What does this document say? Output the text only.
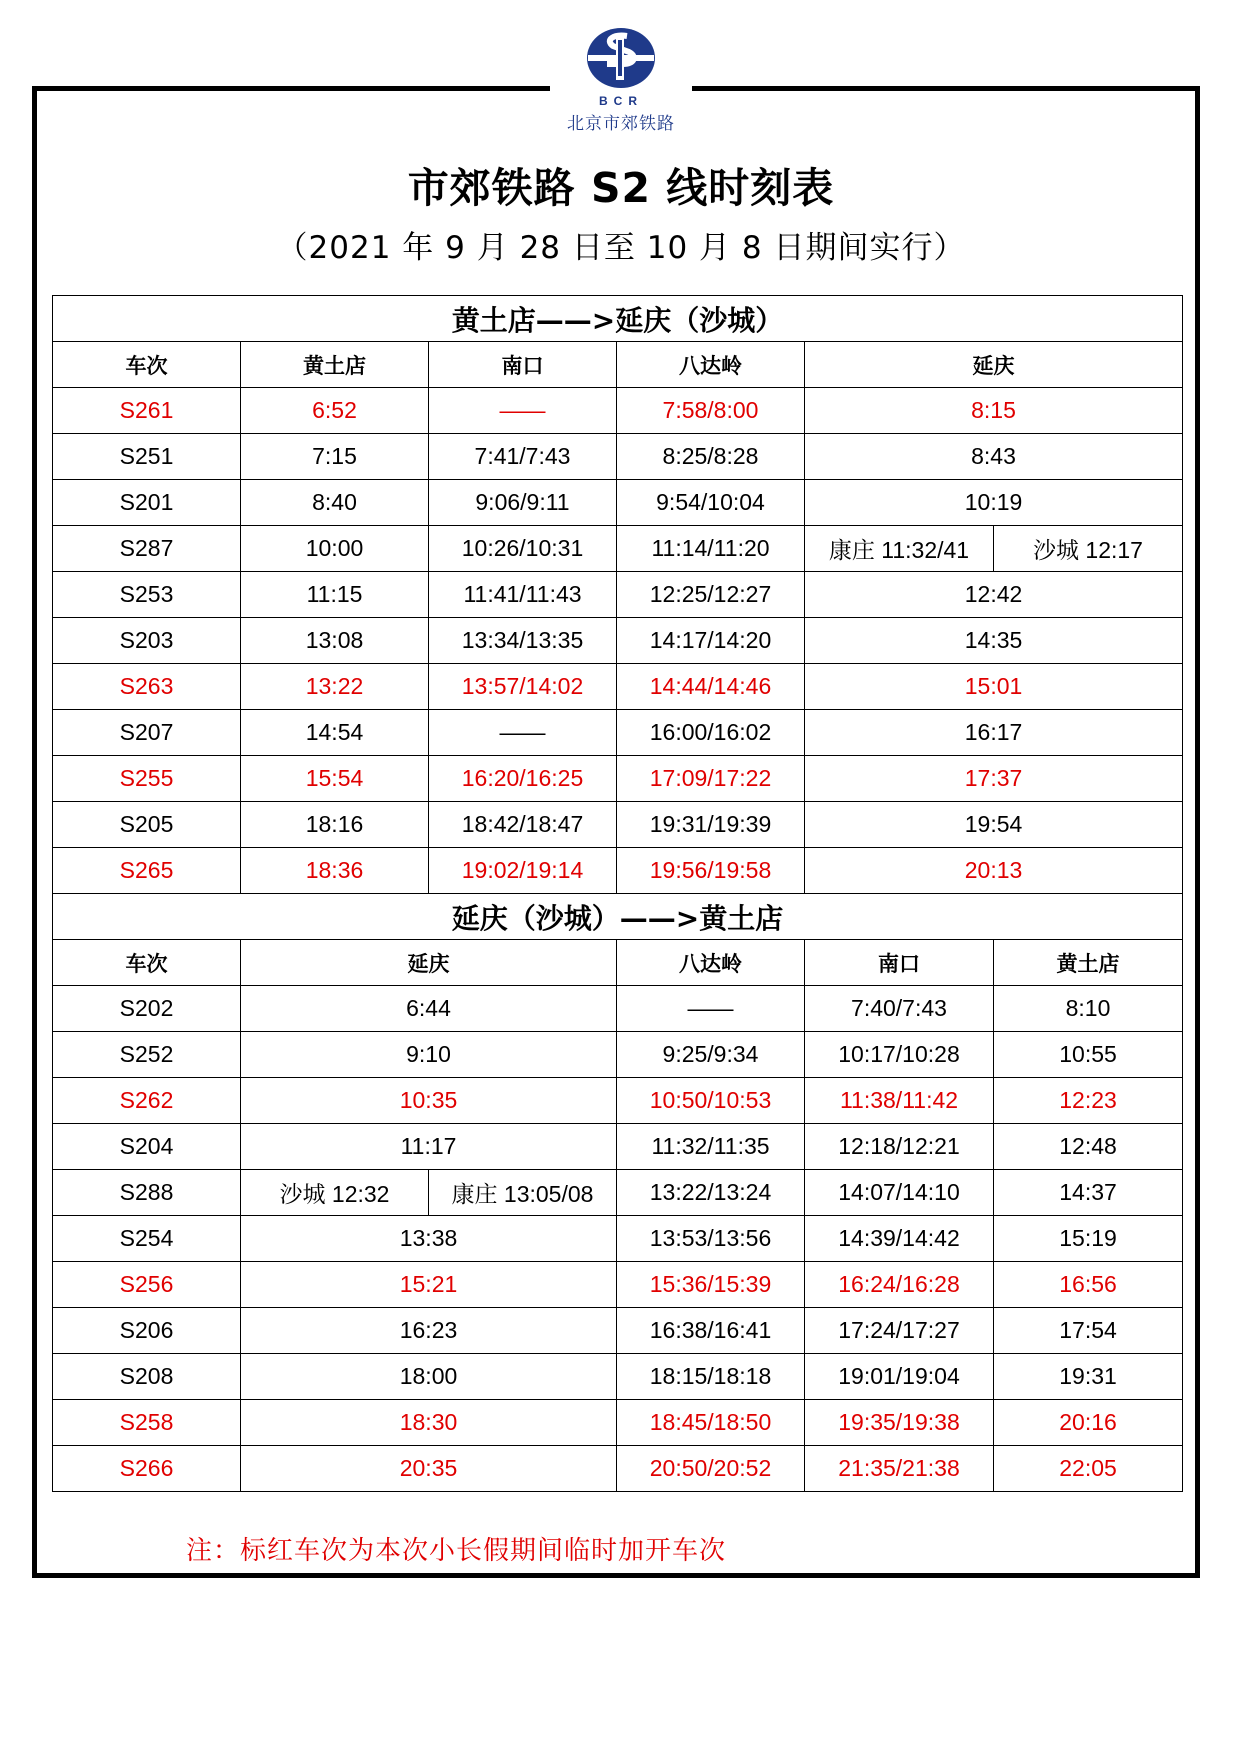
BCR
北京市郊铁路
市郊铁路 S2 线时刻表
（2021 年 9 月 28 日至 10 月 8 日期间实行）
黄土店——>延庆（沙城）					
车次	黄土店	南口	八达岭	延庆	
S261	6:52	——	7:58/8:00	8:15	
S251	7:15	7:41/7:43	8:25/8:28	8:43	
S201	8:40	9:06/9:11	9:54/10:04	10:19	
S287	10:00	10:26/10:31	11:14/11:20	康庄 11:32/41	沙城 12:17
S253	11:15	11:41/11:43	12:25/12:27	12:42	
S203	13:08	13:34/13:35	14:17/14:20	14:35	
S263	13:22	13:57/14:02	14:44/14:46	15:01	
S207	14:54	——	16:00/16:02	16:17	
S255	15:54	16:20/16:25	17:09/17:22	17:37	
S205	18:16	18:42/18:47	19:31/19:39	19:54	
S265	18:36	19:02/19:14	19:56/19:58	20:13	
延庆（沙城）——>黄土店					
车次	延庆		八达岭	南口	黄土店
S202	6:44		——	7:40/7:43	8:10
S252	9:10		9:25/9:34	10:17/10:28	10:55
S262	10:35		10:50/10:53	11:38/11:42	12:23
S204	11:17		11:32/11:35	12:18/12:21	12:48
S288	沙城 12:32	康庄 13:05/08	13:22/13:24	14:07/14:10	14:37
S254	13:38		13:53/13:56	14:39/14:42	15:19
S256	15:21		15:36/15:39	16:24/16:28	16:56
S206	16:23		16:38/16:41	17:24/17:27	17:54
S208	18:00		18:15/18:18	19:01/19:04	19:31
S258	18:30		18:45/18:50	19:35/19:38	20:16
S266	20:35		20:50/20:52	21:35/21:38	22:05
注：标红车次为本次小长假期间临时加开车次
